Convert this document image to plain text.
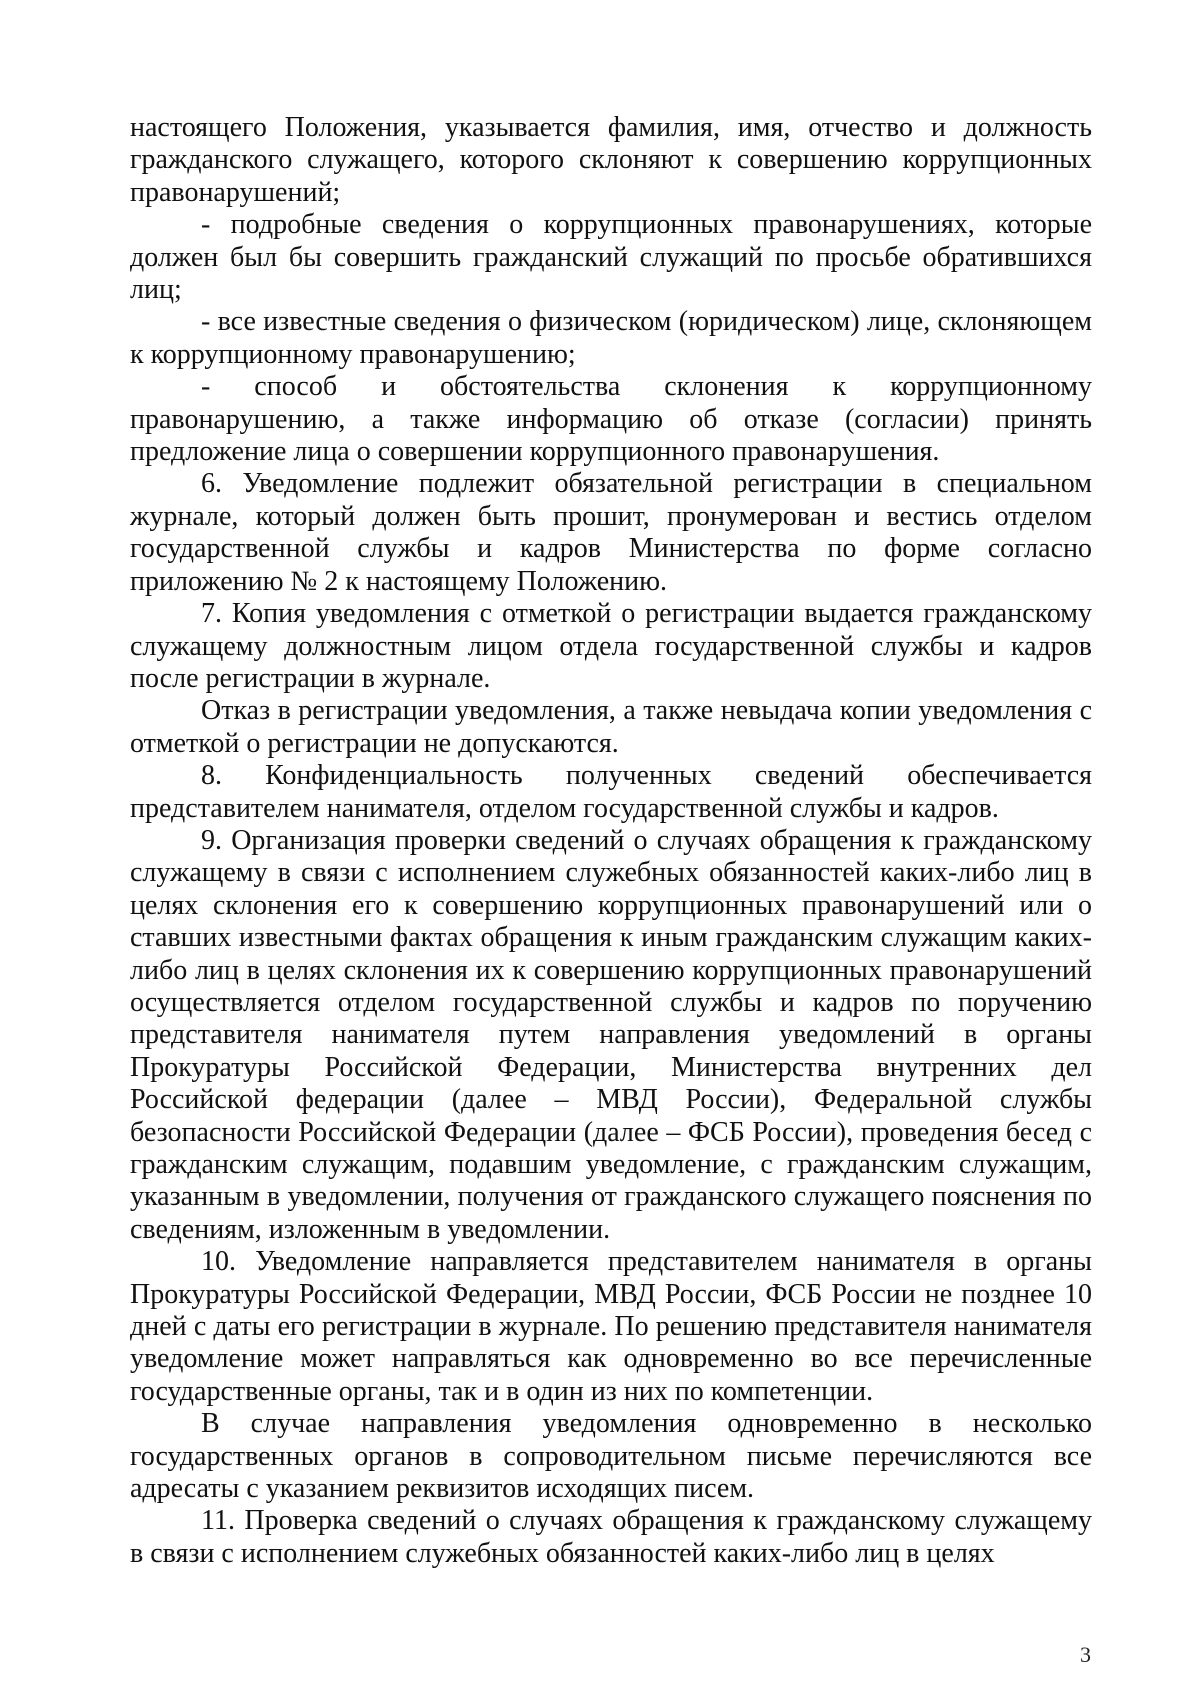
настоящего Положения, указывается фамилия, имя, отчество и должность гражданского служащего, которого склоняют к совершению коррупционных правонарушений;

- подробные сведения о коррупционных правонарушениях, которые должен был бы совершить гражданский служащий по просьбе обратившихся лиц;

- все известные сведения о физическом (юридическом) лице, склоняющем к коррупционному правонарушению;

- способ и обстоятельства склонения к коррупционному правонарушению, а также информацию об отказе (согласии) принять предложение лица о совершении коррупционного правонарушения.

6. Уведомление подлежит обязательной регистрации в специальном журнале, который должен быть прошит, пронумерован и вестись отделом государственной службы и кадров Министерства по форме согласно приложению № 2 к настоящему Положению.

7. Копия уведомления с отметкой о регистрации выдается гражданскому служащему должностным лицом отдела государственной службы и кадров после регистрации в журнале.

Отказ в регистрации уведомления, а также невыдача копии уведомления с отметкой о регистрации не допускаются.

8. Конфиденциальность полученных сведений обеспечивается представителем нанимателя, отделом государственной службы и кадров.

9. Организация проверки сведений о случаях обращения к гражданскому служащему в связи с исполнением служебных обязанностей каких-либо лиц в целях склонения его к совершению коррупционных правонарушений или о ставших известными фактах обращения к иным гражданским служащим каких-либо лиц в целях склонения их к совершению коррупционных правонарушений осуществляется отделом государственной службы и кадров по поручению представителя нанимателя путем направления уведомлений в органы Прокуратуры Российской Федерации, Министерства внутренних дел Российской федерации (далее – МВД России), Федеральной службы безопасности Российской Федерации (далее – ФСБ России), проведения бесед с гражданским служащим, подавшим уведомление, с гражданским служащим, указанным в уведомлении, получения от гражданского служащего пояснения по сведениям, изложенным в уведомлении.

10. Уведомление направляется представителем нанимателя в органы Прокуратуры Российской Федерации, МВД России, ФСБ России не позднее 10 дней с даты его регистрации в журнале. По решению представителя нанимателя уведомление может направляться как одновременно во все перечисленные государственные органы, так и в один из них по компетенции.

В случае направления уведомления одновременно в несколько государственных органов в сопроводительном письме перечисляются все адресаты с указанием реквизитов исходящих писем.

11. Проверка сведений о случаях обращения к гражданскому служащему в связи с исполнением служебных обязанностей каких-либо лиц в целях

3
